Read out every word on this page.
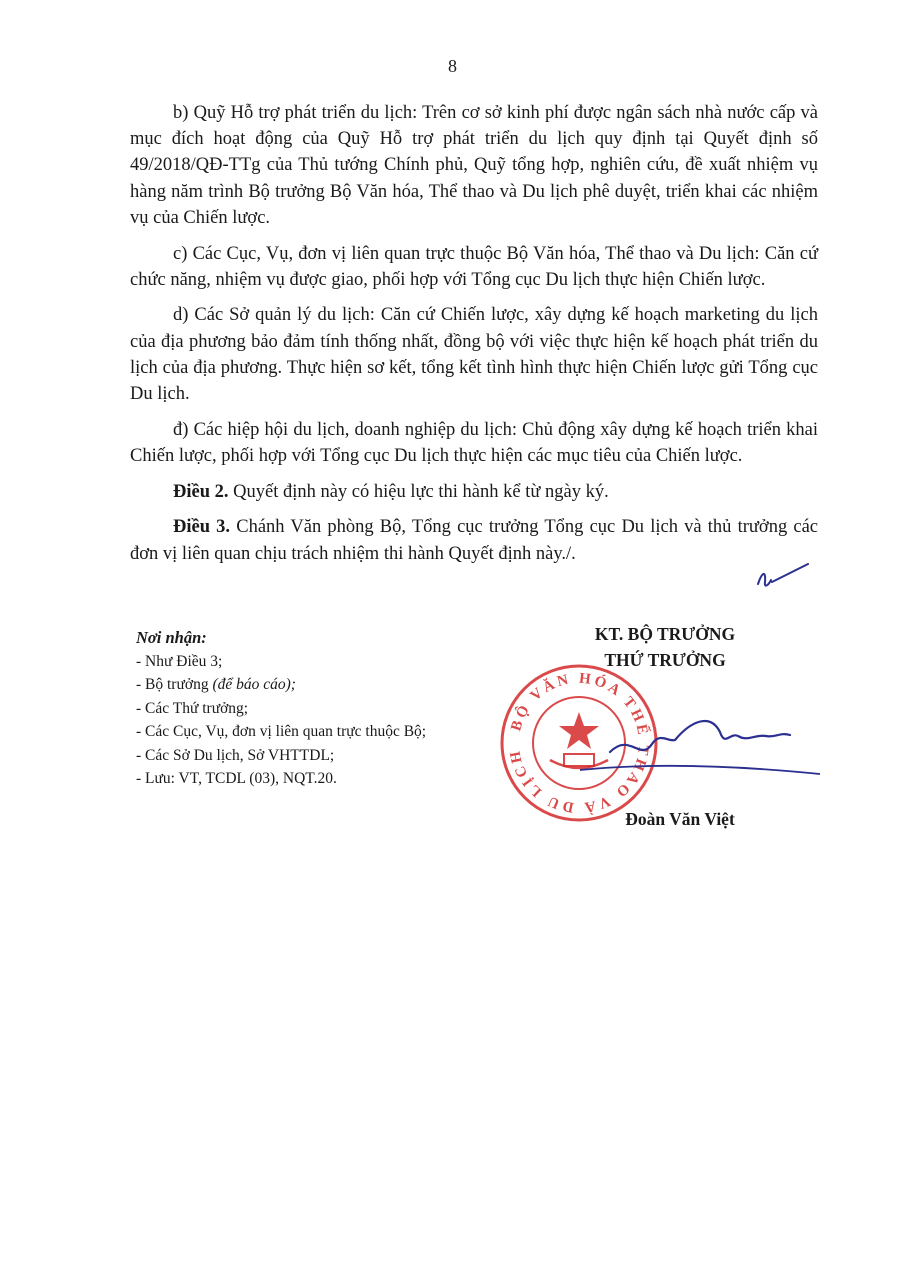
8

b) Quỹ Hỗ trợ phát triển du lịch: Trên cơ sở kinh phí được ngân sách nhà nước cấp và mục đích hoạt động của Quỹ Hỗ trợ phát triển du lịch quy định tại Quyết định số 49/2018/QĐ-TTg của Thủ tướng Chính phủ, Quỹ tổng hợp, nghiên cứu, đề xuất nhiệm vụ hàng năm trình Bộ trưởng Bộ Văn hóa, Thể thao và Du lịch phê duyệt, triển khai các nhiệm vụ của Chiến lược.

c) Các Cục, Vụ, đơn vị liên quan trực thuộc Bộ Văn hóa, Thể thao và Du lịch: Căn cứ chức năng, nhiệm vụ được giao, phối hợp với Tổng cục Du lịch thực hiện Chiến lược.

d) Các Sở quản lý du lịch: Căn cứ Chiến lược, xây dựng kế hoạch marketing du lịch của địa phương bảo đảm tính thống nhất, đồng bộ với việc thực hiện kế hoạch phát triển du lịch của địa phương. Thực hiện sơ kết, tổng kết tình hình thực hiện Chiến lược gửi Tổng cục Du lịch.

đ) Các hiệp hội du lịch, doanh nghiệp du lịch: Chủ động xây dựng kế hoạch triển khai Chiến lược, phối hợp với Tổng cục Du lịch thực hiện các mục tiêu của Chiến lược.

Điều 2. Quyết định này có hiệu lực thi hành kể từ ngày ký.

Điều 3. Chánh Văn phòng Bộ, Tổng cục trưởng Tổng cục Du lịch và thủ trưởng các đơn vị liên quan chịu trách nhiệm thi hành Quyết định này./.

Nơi nhận:
- Như Điều 3;
- Bộ trưởng (để báo cáo);
- Các Thứ trưởng;
- Các Cục, Vụ, đơn vị liên quan trực thuộc Bộ;
- Các Sở Du lịch, Sở VHTTDL;
- Lưu: VT, TCDL (03), NQT.20.
KT. BỘ TRƯỞNG
THỨ TRƯỞNG
BỘ VĂN HÓA THỂ THAO VÀ DU LỊCH
Đoàn Văn Việt
